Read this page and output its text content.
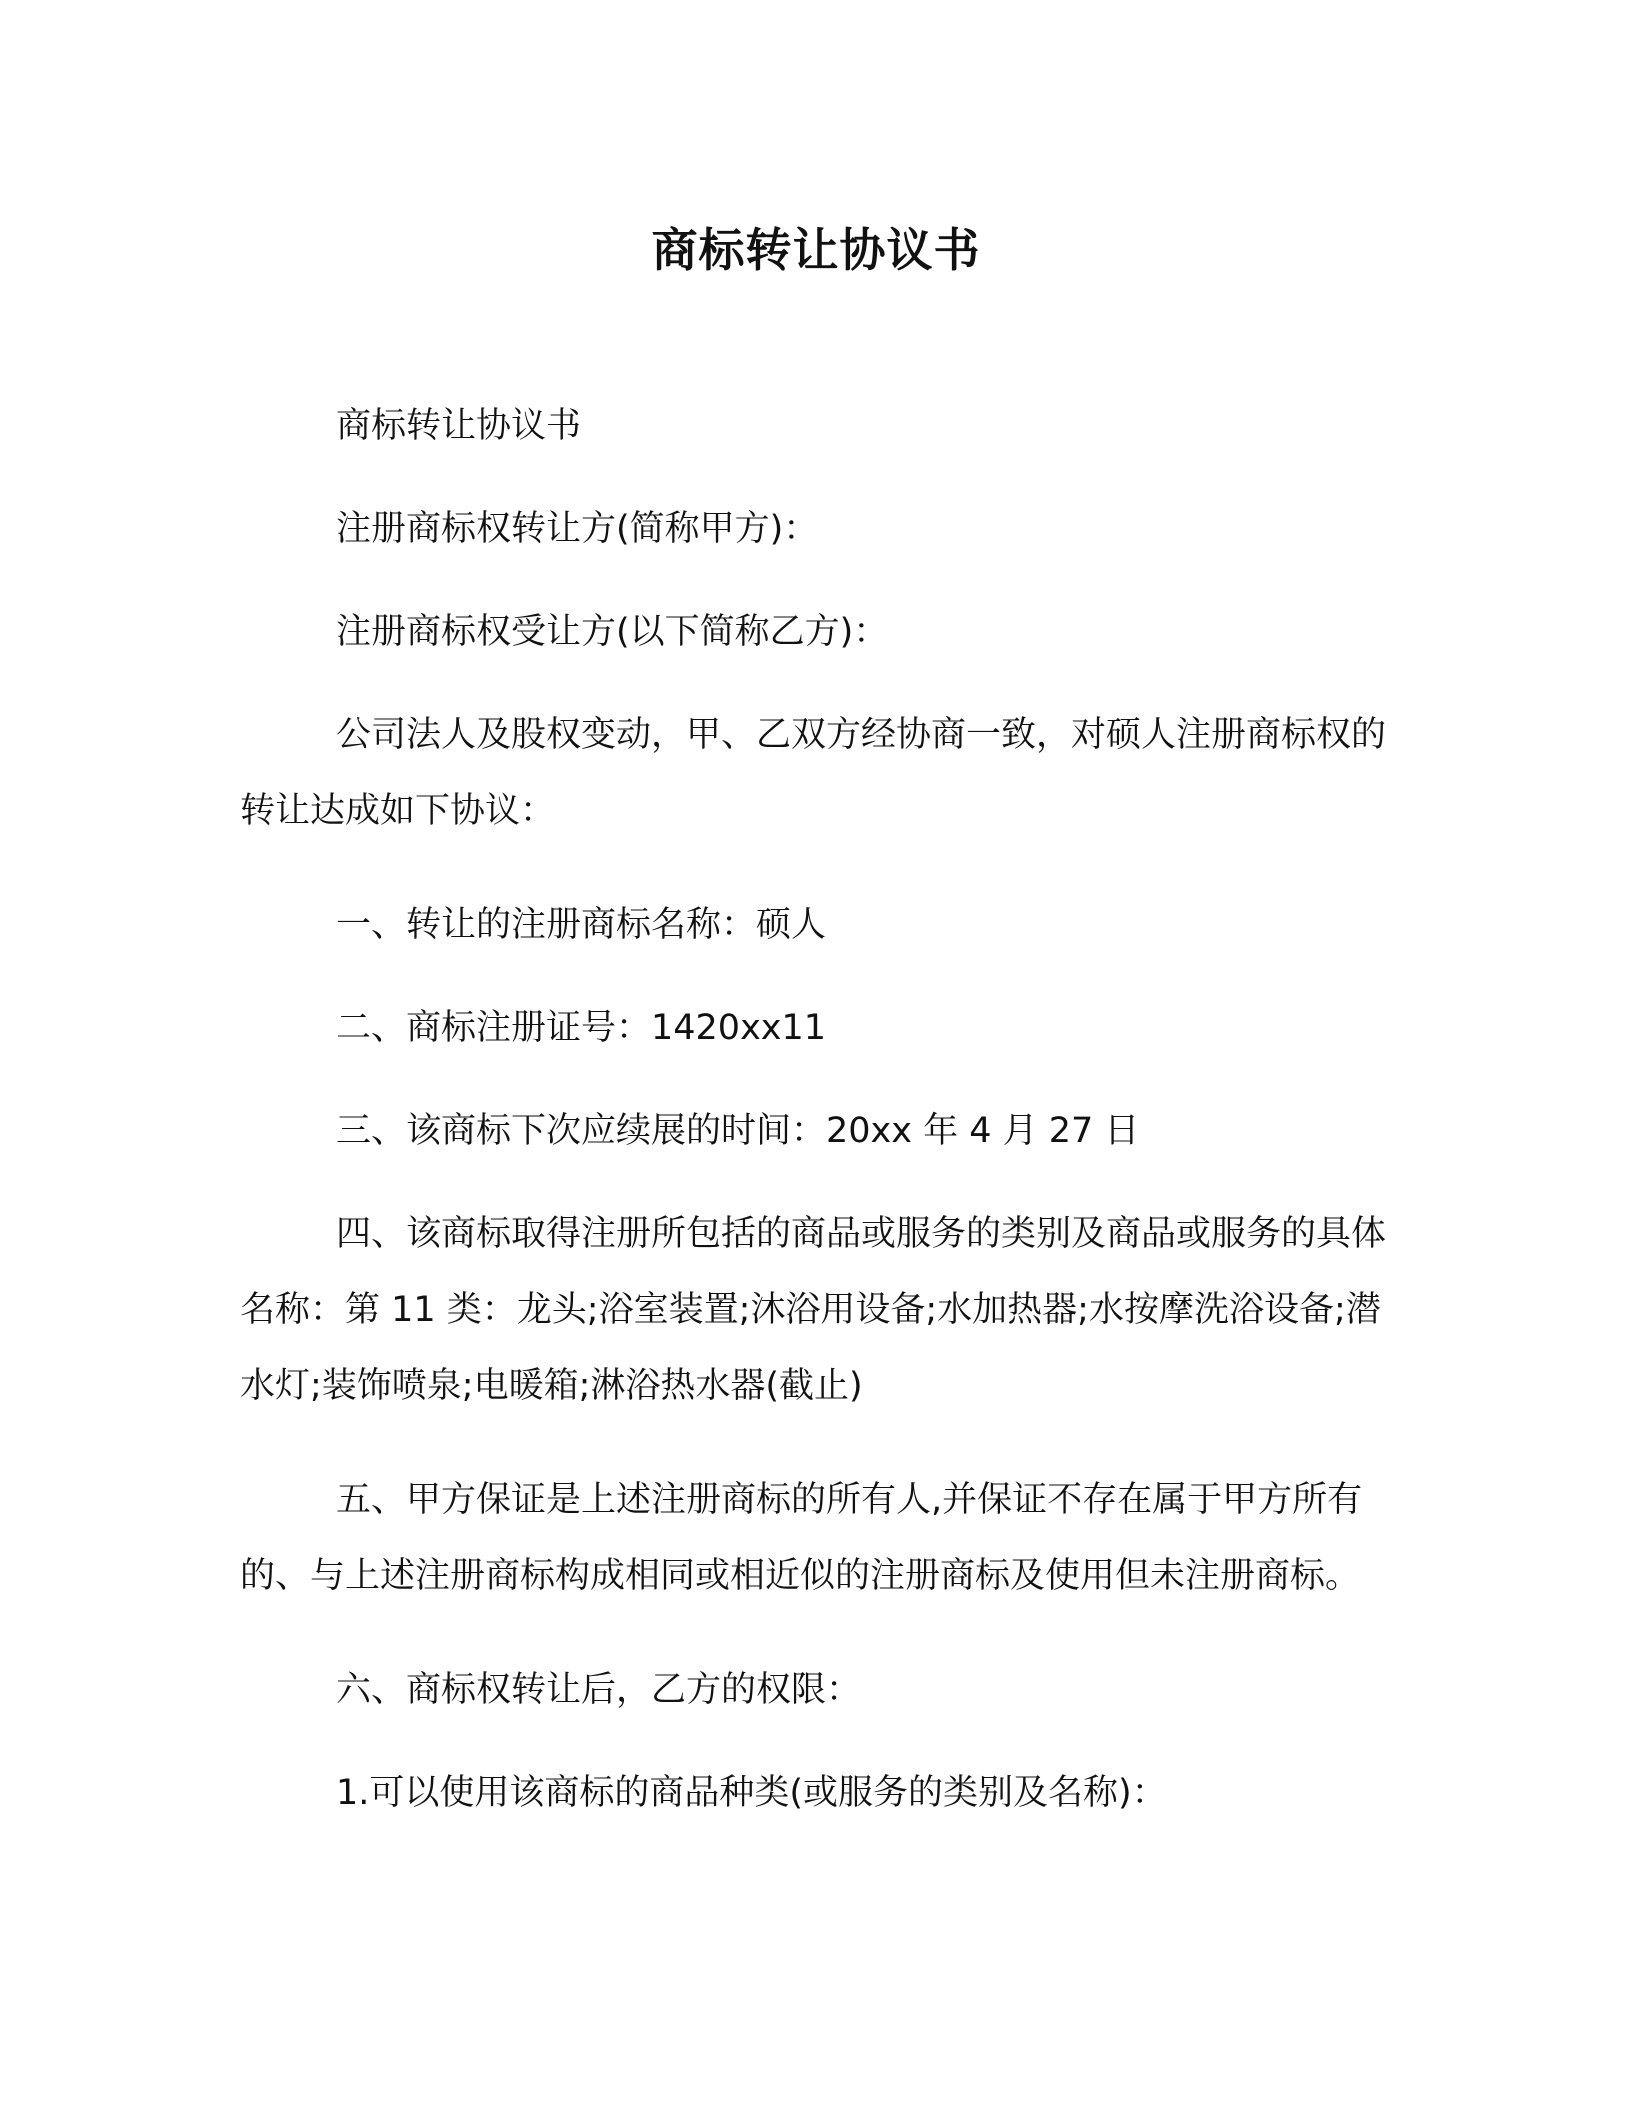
商标转让协议书

商标转让协议书

注册商标权转让方(简称甲方)：

注册商标权受让方(以下简称乙方)：

公司法人及股权变动，甲、乙双方经协商一致，对硕人注册商标权的转让达成如下协议：

一、转让的注册商标名称：硕人

二、商标注册证号：1420xx11

三、该商标下次应续展的时间：20xx 年 4 月 27 日

四、该商标取得注册所包括的商品或服务的类别及商品或服务的具体名称：第 11 类：龙头;浴室装置;沐浴用设备;水加热器;水按摩洗浴设备;潜水灯;装饰喷泉;电暖箱;淋浴热水器(截止)

五、甲方保证是上述注册商标的所有人,并保证不存在属于甲方所有的、与上述注册商标构成相同或相近似的注册商标及使用但未注册商标。

六、商标权转让后，乙方的权限：

1.可以使用该商标的商品种类(或服务的类别及名称)：
